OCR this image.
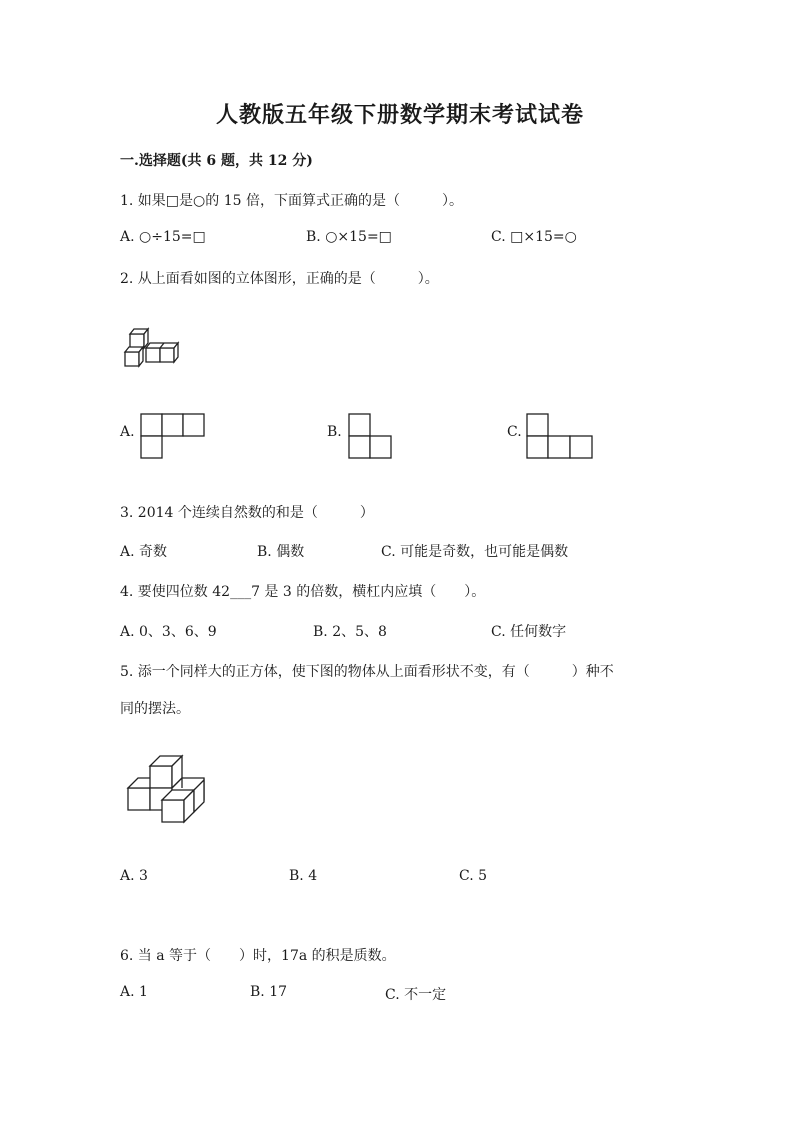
人教版五年级下册数学期末考试试卷
一.选择题(共 6 题，共 12 分)
1. 如果□是○的 15 倍，下面算式正确的是（　　　）。
A. ○÷15=□	B. ○×15=□	C. □×15=○
2. 从上面看如图的立体图形，正确的是（　　　）。
A.	B.	C.
3. 2014 个连续自然数的和是（　　　）
A. 奇数	B. 偶数	C. 可能是奇数，也可能是偶数
4. 要使四位数 42___7 是 3 的倍数，横杠内应填（　　）。
A. 0、3、6、9	B. 2、5、8	C. 任何数字
5. 添一个同样大的正方体，使下图的物体从上面看形状不变，有（　　　）种不
同的摆法。
A. 3	B. 4	C. 5
6. 当 a 等于（　　）时，17a 的积是质数。
A. 1	B. 17	C. 不一定
